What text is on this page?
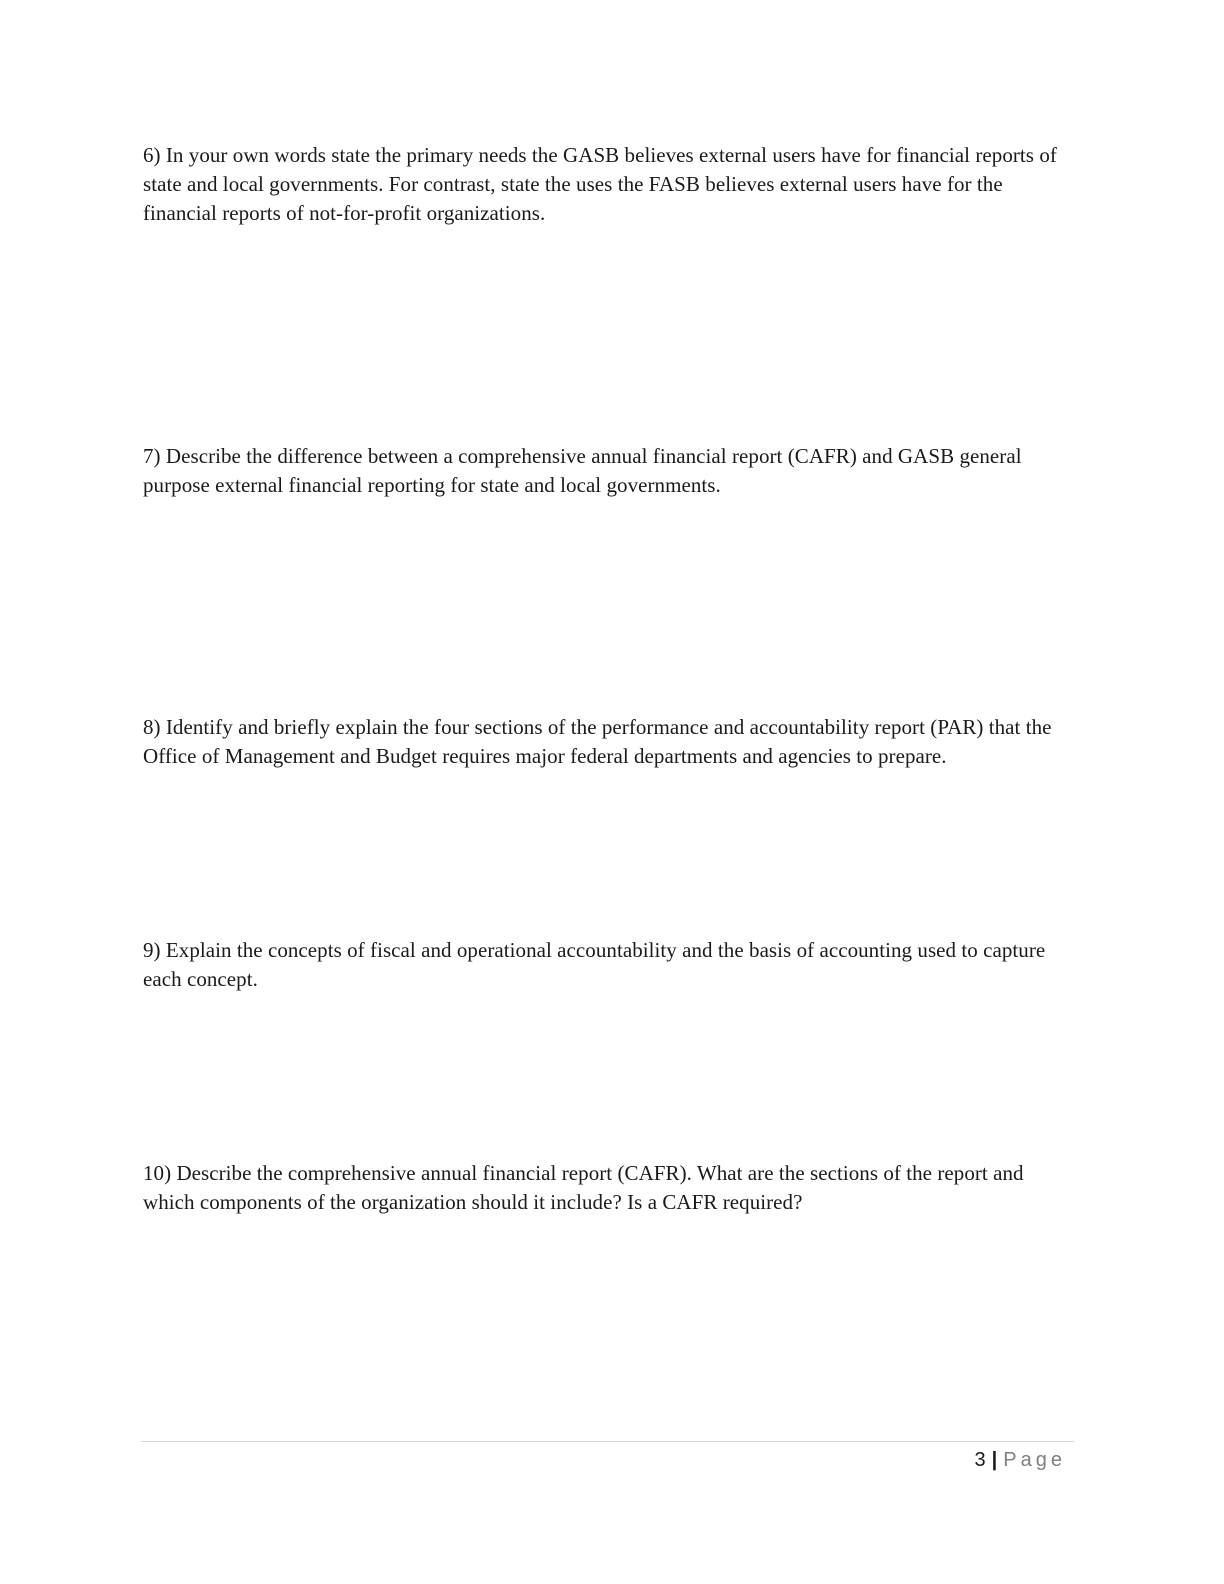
6) In your own words state the primary needs the GASB believes external users have for financial reports of state and local governments. For contrast, state the uses the FASB believes external users have for the financial reports of not-for-profit organizations.

7) Describe the difference between a comprehensive annual financial report (CAFR) and GASB general purpose external financial reporting for state and local governments.

8) Identify and briefly explain the four sections of the performance and accountability report (PAR) that the Office of Management and Budget requires major federal departments and agencies to prepare.

9) Explain the concepts of fiscal and operational accountability and the basis of accounting used to capture each concept.

10) Describe the comprehensive annual financial report (CAFR). What are the sections of the report and which components of the organization should it include? Is a CAFR required?

3 | Page
